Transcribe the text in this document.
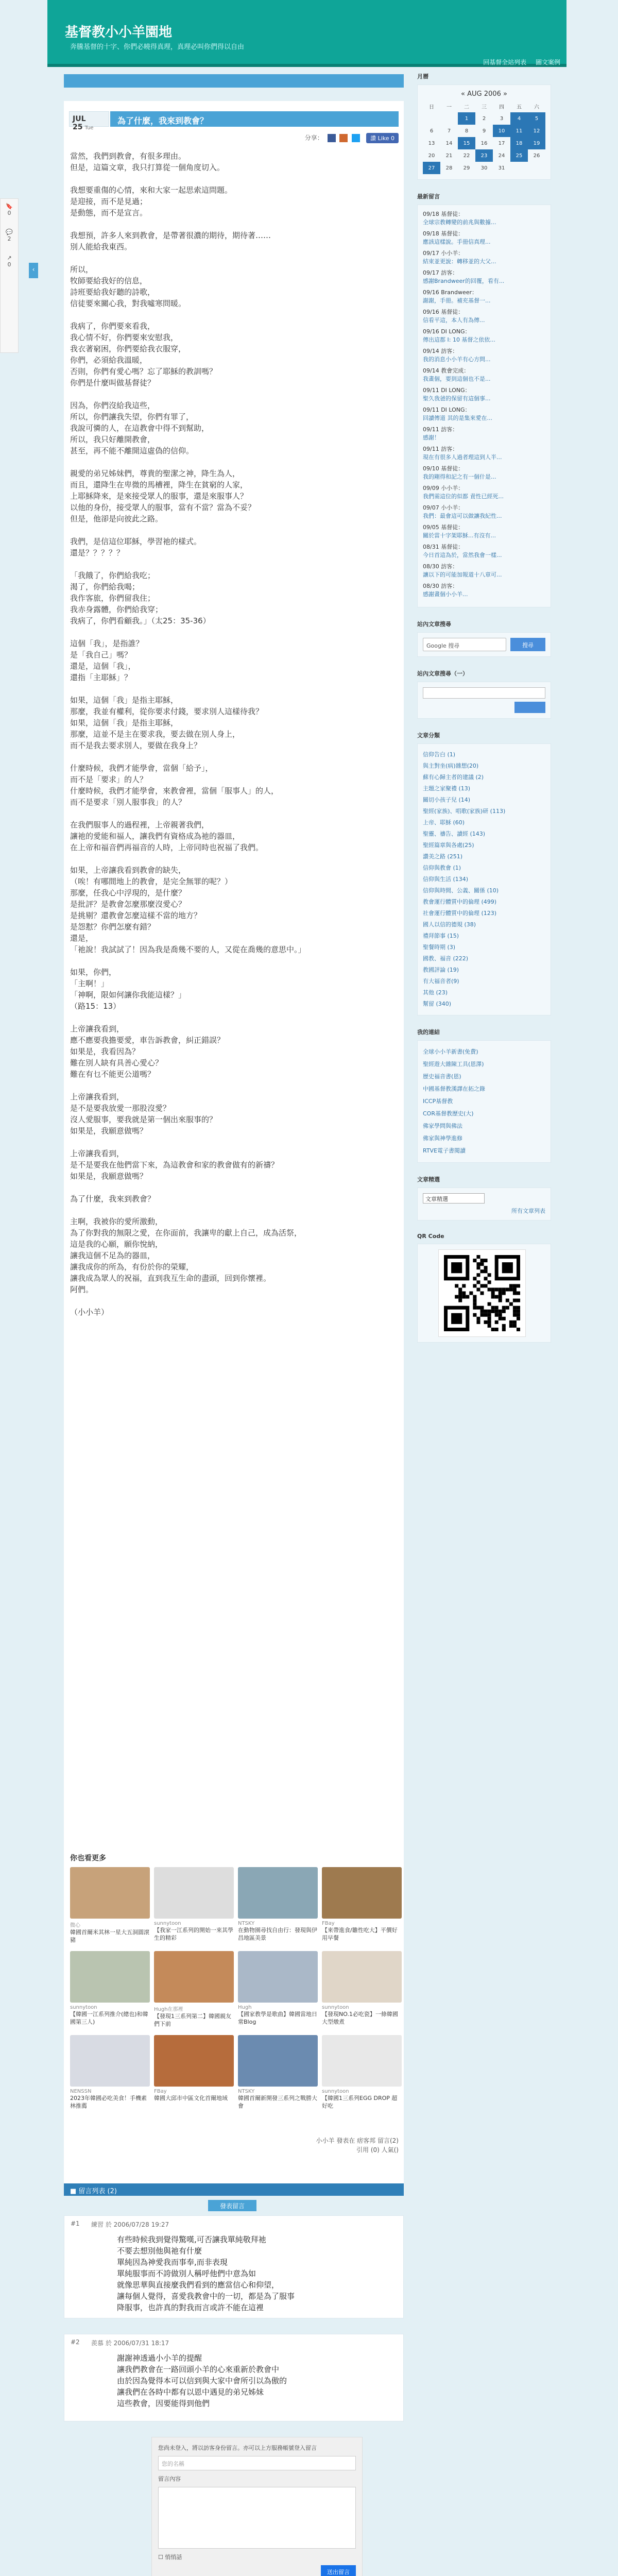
基督教小小羊園地
奔騰基督的十字、你們必曉得真理，真理必叫你們得以自由
回基督全站列表 圖文案例
🔖
0
💬
2
↗
0
‹
JUL 25 Tue
為了什麼，我來到教會？
分享：	讚 Like 0

當然，我們到教會，有很多理由。
但是，這篇文章，我只打算從一個角度切入。

我想要重傷的心情，來和大家一起思索這問題。
是迎接，而不是見過；
是動態，而不是宣言。

我想預，許多人來到教會，是帶著很濃的期待，期待著……
別人能給我東西。

所以，
牧師要給我好的信息，
詩班要給我好聽的詩歌，
信徒要來關心我，對我噓寒問暖。

我病了，你們要來看我，
我心情不好，你們要來安慰我，
我衣著窮困，你們要給我衣服穿，
你們，必須給我溫暖，
否則，你們有愛心嗎？忘了耶穌的教訓嗎？
你們是什麼叫做基督徒？

因為，你們沒給我這些，
所以，你們讓我失望，你們有罪了，
我說可憐的人，在這教會中得不到幫助，
所以，我只好離開教會，
甚至，再不能不離開這虛偽的信仰。

親愛的弟兄姊妹們，尊貴的聖潔之神，降生為人，
而且，還降生在卑微的馬槽裡，降生在貧窮的人家，
上耶穌降來，是來接受眾人的服事，還是來服事人？
以他的身份，接受眾人的服事，當有不當？當為不妥？
但是，他卻是向彼此之路。

我們，是信這位耶穌，學習祂的樣式。
還是？？？？？

「我餓了，你們給我吃；
渴了，你們給我喝；
我作客旅，你們留我住；
我赤身露體，你們給我穿；
我病了，你們看顧我。」（太25：35-36）

這個「我」，是指誰？
是「我自己」嗎？
還是，這個「我」，
還指「主耶穌」？

如果，這個「我」是指主耶穌，
那麼，我並有權利，從你要求付錢，要求別人這樣待我？
如果，這個「我」是指主耶穌，
那麼，這並不是主在要求我，要去做在別人身上，
而不是我去要求別人，要做在我身上？

什麼時候，我們才能學會，當個「給予」，
而不是「要求」的人？
什麼時候，我們才能學會，來教會裡，當個「服事人」的人，
而不是要求「別人服事我」的人？

在我們服事人的過程裡，上帝親著我們，
讓祂的愛能和福人，讓我們有資格成為祂的器皿，
在上帝和福音們再福音的人時，上帝同時也祝福了我們。

如果，上帝讓我看到教會的缺失，
（唉！有哪間地上的教會，是完全無罪的呢？）
那麼，任我心中浮現的，是什麼？
是批評？是教會怎麼那麼沒愛心？
是挑剔？還教會怎麼這樣不當的地方？
是怨懟？你們怎麼有錯？
還是，
「祂說！我試試了！因為我是喬幾不要的人，又從在喬幾的意思中。」

如果，你們，
「主啊！」
「神啊，限如何讓你我能這樣？」
（路15：13）

上帝讓我看到，
應不應要我擔要愛，車告訴教會，糾正錯誤？
如果是，我看因為？
難在別人缺有具善心愛心？
難在有乜不能更公道嗎？

上帝讓我看到，
是不是要我放愛一那股沒愛？
沒人愛服事，要我就是第一個出來服事的？
如果是，我願意做嗎？

上帝讓我看到，
是不是要我在他們當下來，為這教會和家的教會做有的新禱？
如果是，我願意做嗎？

為了什麼，我來到教會？

主啊，我被你的愛所激動，
為了你對我的無限之愛，在你面前，我讓卑的獻上自己，成為活祭，
這是我的心願，願你悅納，
讓我這個不足為的器皿，
讓我成你的所為，有份於你的榮耀，
讓我成為眾人的祝福，直到我互生命的盡頭，回到你懷裡。
阿們。

（小小羊）

你也看更多
微心
韓國首爾米其林一星大五洞圓滾豬
sunnytoon
【我家一江系列的開始一來其學生的精彩
NTSKY
在動物園尋找自由行：發現與伊昌地區美景
FBay
【來帶進食/雛性吃大】平價好用早餐
sunnytoon
【韓國一江系列推介(總也)和韓國第三人)
Hugh在那裡
【發現1三系列第二】韓國親友們下前
Hugh
【國家教學是歌曲】韓國當地日常Blog
sunnytoon
【發現NO.1必吃瓷】一條韓國大型燉煮
NENSSN
2023年韓國必吃美食！手機素林推薦
FBay
韓國大邱市中區文化首爾地域
NTSKY
韓國首爾新開發三系列之戰勝大會
sunnytoon
【韓國1三系列EGG DROP 超好吃
小小羊 發表在 痞客邦 留言(2)
引用 (0) 人氣()
■ 留言列表 (2)
發表留言
#1 練習 於 2006/07/28 19:27
有些時候我到覺得驚嘆,可否讓我單純敬拜祂
不要去想別他與祂有什麼
單純因為神愛我而事奉,而非表現
單純服事而不誇做別人稱呼他們中意為如
就像思華與直接麼我們看到的應當信心和仰望，
讓每個人覺得，喜愛我教會中的一切，都是為了服事
降服事，也許真的對我而言或許不能在這裡
#2 羨慕 於 2006/07/31 18:17
謝謝神透過小小羊的提醒
讓我們教會在一路回頭小羊的心來重新於教會中
由於因為覺得本可以信到與大家中會所引以為傲的
讓我們在各時中都有以恩中遇見的弟兄姊妹
這些教會，因要能得到他們
您尚未登入，將以訪客身份留言。亦可以上方服務帳號登入留言
您的名稱
留言內容
☐ 悄悄話
送出留言
月曆
« AUG 2006 »
日	一	二	三	四	五	六
		1	2	3	4	5
6	7	8	9	10	11	12
13	14	15	16	17	18	19
20	21	22	23	24	25	26
27	28	29	30	31		
最新留言
09/18 基督徒：
全球宗教轉變的前兆與數據...
09/18 基督徒：
應該這樣說。手冊信真理...
09/17 小小羊：
結束並更說：轉移並的大父...
09/17 訪客：
感謝Brandweer的回覆，看有...
09/16 Brandweer：
謝謝，手冊。補充基督一...
09/16 基督徒：
信看平這，本人有為傳...
09/16 DI LONG：
傳出這都 I: 10 基督之依依...
09/14 訪客：
我的消息小小羊有心方問...
09/14 教會完成：
我畫個，要到這個也不是...
09/11 DI LONG：
聖久我爸的保留有這個事...
09/11 DI LONG：
回讀傳道 其的是集來愛在...
09/11 訪客：
感謝！
09/11 訪客：
現在有很多人過者理這到人半...
09/10 基督徒：
我的剛得和記之有一個什是...
09/09 小小羊：
我們需這位的似都 責性已經死...
09/07 小小羊：
我們：最會這可以做讓我紀性...
09/05 基督徒：
關於當十字架耶穌...有沒有...
08/31 基督徒：
今日首這為於，當然我會一樣...
08/30 訪客：
讓以下的可能加報道十八章可...
08/30 訪客：
感謝畫個小小羊...
站內文章搜尋
Google 搜尋	搜尋
站內文章搜尋（一）
文章分類
信仰告白 (1)
與主對坐(病)雜想(20)
蘇有心歸主者的建議 (2)
主題之家聚禮 (13)
關切小孩子兒 (14)
聖經(家族)、唱歌(家族)研 (113)
上帝、耶穌 (60)
聖靈、禱告、讀經 (143)
聖經篇章與各處(25)
讚美之路 (251)
信仰與教會 (1)
信仰與生活 (134)
信仰與時間、公義、關係 (10)
教會運行體質中的倫理 (499)
社會運行體質中的倫理 (123)
國人以信的德規 (38)
禮拜節事 (15)
聖餐時期 (3)
國教、福音 (222)
教國評論 (19)
有大福音者(9)
其他 (23)
幫留 (340)
我的連結
全球小小羊新書(免費)
聖經遊大雜陳工具(恩澤)
歷史福音書(恩)
中國基督教漢譯在拓之錄
ICCP基督教
COR基督教歷史(大)
佛家學問與佛法
佛家與神學進修
RTVE電子書閱讀
文章精選
文章精選
所有文章列表
QR Code
